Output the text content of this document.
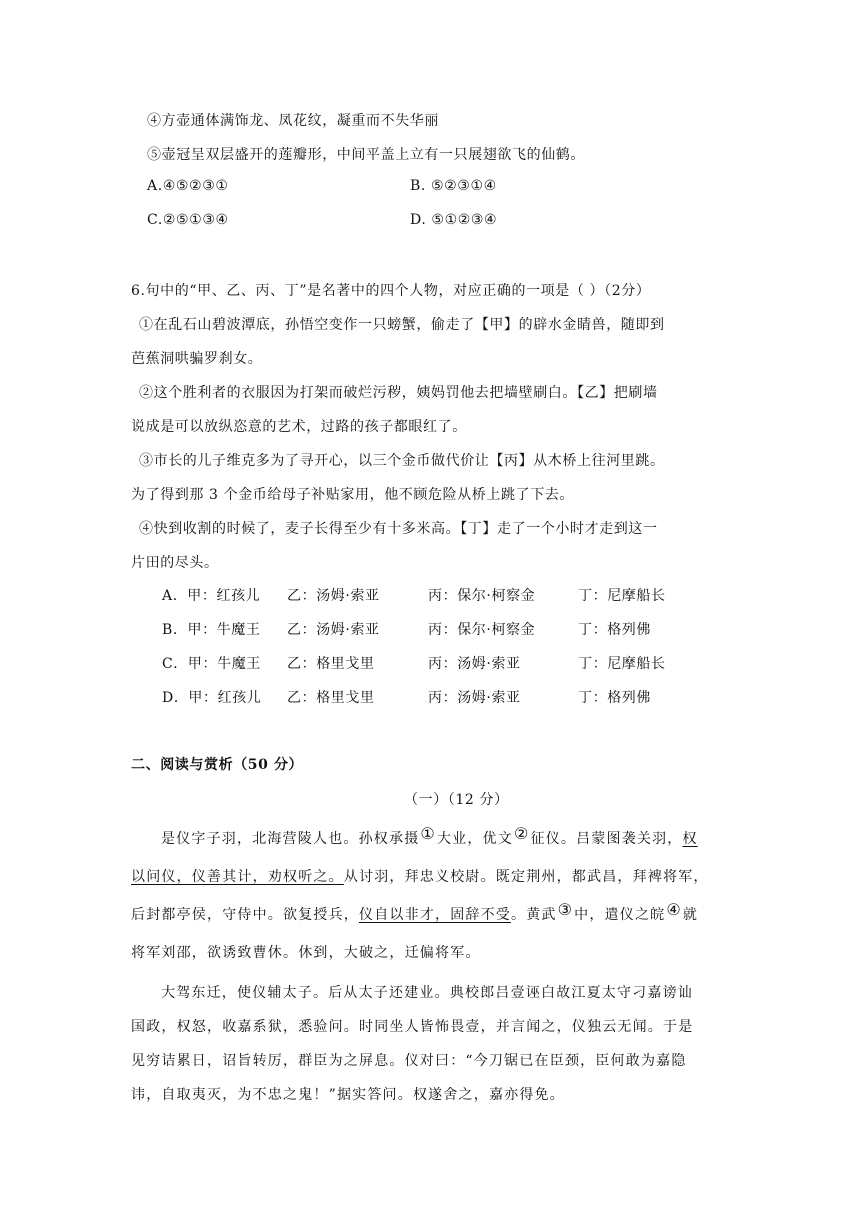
④方壶通体满饰龙、凤花纹，凝重而不失华丽
⑤壶冠呈双层盛开的莲瓣形，中间平盖上立有一只展翅欲飞的仙鹤。
A.④⑤②③①	B. ⑤②③①④
C.②⑤①③④	D. ⑤①②③④
6.句中的“甲、乙、丙、丁”是名著中的四个人物，对应正确的一项是（ ）（2分）
①在乱石山碧波潭底，孙悟空变作一只螃蟹，偷走了【甲】的辟水金睛兽，随即到
芭蕉洞哄骗罗刹女。
②这个胜利者的衣服因为打架而破烂污秽，姨妈罚他去把墙壁刷白。【乙】把刷墙
说成是可以放纵恣意的艺术，过路的孩子都眼红了。
③市长的儿子维克多为了寻开心，以三个金币做代价让【丙】从木桥上往河里跳。
为了得到那 3 个金币给母子补贴家用，他不顾危险从桥上跳了下去。
④快到收割的时候了，麦子长得至少有十多米高。【丁】走了一个小时才走到这一
片田的尽头。
A．甲：红孩儿 乙：汤姆·索亚	丙：保尔·柯察金	丁：尼摩船长
B．甲：牛魔王 乙：汤姆·索亚	丙：保尔·柯察金	丁：格列佛
C．甲：牛魔王 乙：格里戈里	丙：汤姆·索亚	丁：尼摩船长
D．甲：红孩儿 乙：格里戈里	丙：汤姆·索亚	丁：格列佛
二、阅读与赏析（50 分）
（一）（12 分）
是仪字子羽，北海营陵人也。孙权承摄①大业，优文②征仪。吕蒙图袭关羽，权
以问仪，仪善其计，劝权听之。从讨羽，拜忠义校尉。既定荆州，都武昌，拜裨将军，
后封都亭侯，守侍中。欲复授兵，仪自以非才，固辞不受。黄武③中，遣仪之皖④就
将军刘邵，欲诱致曹休。休到，大破之，迁偏将军。
大驾东迁，使仪辅太子。后从太子还建业。典校郎吕壹诬白故江夏太守刁嘉谤讪
国政，权怒，收嘉系狱，悉验问。时同坐人皆怖畏壹，并言闻之，仪独云无闻。于是
见穷诘累日，诏旨转厉，群臣为之屏息。仪对曰：“今刀锯已在臣颈，臣何敢为嘉隐
讳，自取夷灭，为不忠之鬼！”据实答问。权遂舍之，嘉亦得免。
